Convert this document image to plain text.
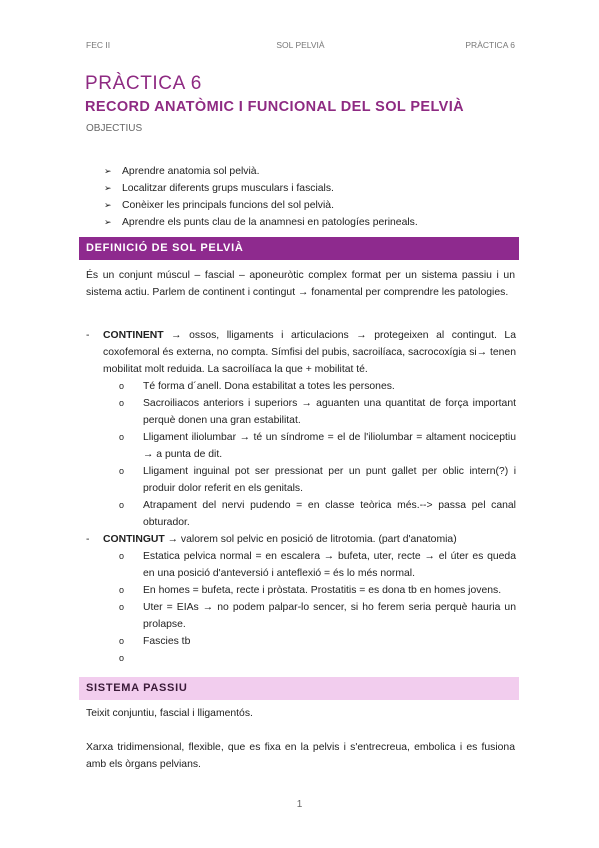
FEC II	SOL PELVIÀ	PRÀCTICA 6
PRÀCTICA 6
RECORD ANATÒMIC I FUNCIONAL DEL SOL PELVIÀ
OBJECTIUS
➢ Aprendre anatomia sol pelvià.
➢ Localitzar diferents grups musculars i fascials.
➢ Conèixer les principals funcions del sol pelvià.
➢ Aprendre els punts clau de la anamnesi en patologíes perineals.
DEFINICIÓ DE SOL PELVIÀ

És un conjunt múscul – fascial – aponeuròtic complex format per un sistema passiu i un sistema actiu. Parlem de continent i contingut → fonamental per comprendre les patologies.

- CONTINENT → ossos, lligaments i articulacions → protegeixen al contingut. La coxofemoral és externa, no compta. Símfisi del pubis, sacroilíaca, sacrocoxígia si→ tenen mobilitat molt reduida. La sacroilíaca la que + mobilitat té.
o Té forma d´anell. Dona estabilitat a totes les persones.
o Sacroiliacos anteriors i superiors → aguanten una quantitat de força important perquè donen una gran estabilitat.
o Lligament iliolumbar → té un síndrome = el de l'iliolumbar = altament nociceptiu → a punta de dit.
o Lligament inguinal pot ser pressionat per un punt gallet per oblic intern(?) i produir dolor referit en els genitals.
o Atrapament del nervi pudendo = en classe teòrica més.--> passa pel canal obturador.
- CONTINGUT → valorem sol pelvic en posició de litrotomia. (part d'anatomia)
o Estatica pelvica normal = en escalera → bufeta, uter, recte → el úter es queda en una posició d'anteversió i anteflexió = és lo més normal.
o En homes = bufeta, recte i pròstata. Prostatitis = es dona tb en homes jovens.
o Uter = EIAs → no podem palpar-lo sencer, si ho ferem seria perquè hauria un prolapse.
o Fascies tb
o
SISTEMA PASSIU

Teixit conjuntiu, fascial i lligamentós.

Xarxa tridimensional, flexible, que es fixa en la pelvis i s'entrecreua, embolica i es fusiona amb els òrgans pelvians.

1
